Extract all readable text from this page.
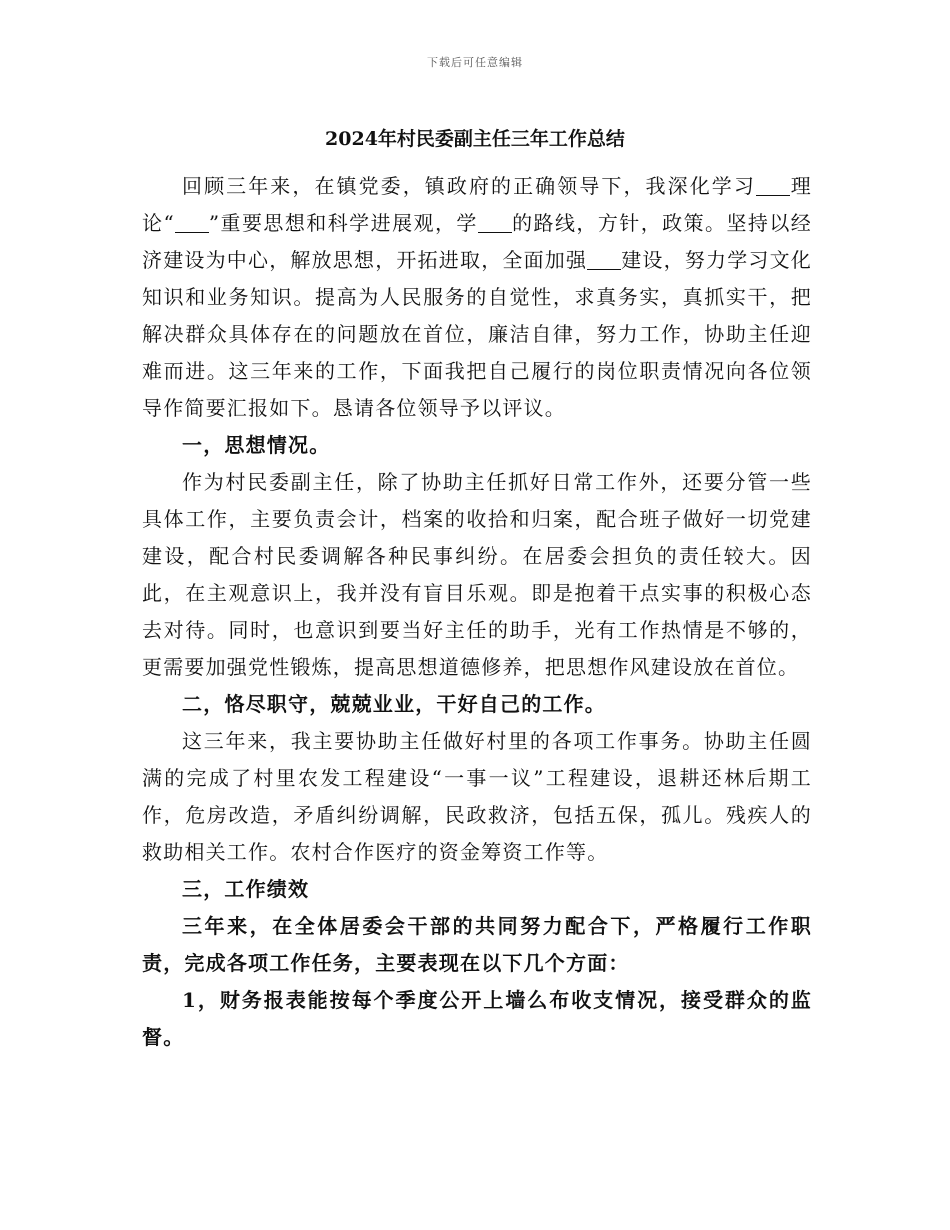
下载后可任意编辑
2024年村民委副主任三年工作总结

回顾三年来，在镇党委，镇政府的正确领导下，我深化学习 理论“ ”重要思想和科学进展观，学 的路线，方针，政策。坚持以经济建设为中心，解放思想，开拓进取，全面加强 建设，努力学习文化知识和业务知识。提高为人民服务的自觉性，求真务实，真抓实干，把解决群众具体存在的问题放在首位，廉洁自律，努力工作，协助主任迎难而进。这三年来的工作，下面我把自己履行的岗位职责情况向各位领导作简要汇报如下。恳请各位领导予以评议。

一，思想情况。

作为村民委副主任，除了协助主任抓好日常工作外，还要分管一些具体工作，主要负责会计，档案的收拾和归案，配合班子做好一切党建建设，配合村民委调解各种民事纠纷。在居委会担负的责任较大。因此，在主观意识上，我并没有盲目乐观。即是抱着干点实事的积极心态去对待。同时，也意识到要当好主任的助手，光有工作热情是不够的，更需要加强党性锻炼，提高思想道德修养，把思想作风建设放在首位。

二，恪尽职守，兢兢业业，干好自己的工作。

这三年来，我主要协助主任做好村里的各项工作事务。协助主任圆满的完成了村里农发工程建设“一事一议”工程建设，退耕还林后期工作，危房改造，矛盾纠纷调解，民政救济，包括五保，孤儿。残疾人的救助相关工作。农村合作医疗的资金筹资工作等。

三，工作绩效

三年来，在全体居委会干部的共同努力配合下，严格履行工作职责，完成各项工作任务，主要表现在以下几个方面：

1，财务报表能按每个季度公开上墙么布收支情况，接受群众的监督。
